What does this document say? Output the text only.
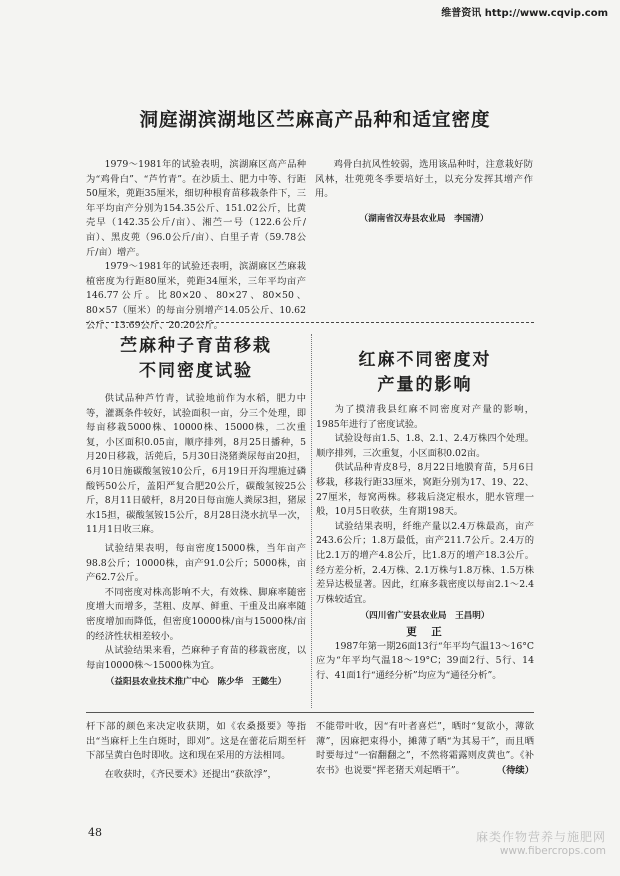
维普资讯 http://www.cqvip.com
洞庭湖滨湖地区苎麻高产品种和适宜密度

1979～1981年的试验表明，滨湖麻区高产品种为“鸡骨白”、“芦竹青”。在沙质土、肥力中等、行距50厘米，蔸距35厘米，细切种根育苗移栽条件下，三年平均亩产分别为154.35公斤、151.02公斤，比黄壳早（142.35公斤/亩）、湘苎一号（122.6公斤/亩）、黑皮蔸（96.0公斤/亩）、白里子青（59.78公斤/亩）增产。

1979～1981年的试验还表明，滨湖麻区苎麻栽植密度为行距80厘米，蔸距34厘米，三年平均亩产146.77公斤。比80×20、80×27、80×50、80×57（厘米）的每亩分别增产14.05公斤、10.62公斤、13.69公斤、20.20公斤。

鸡骨白抗风性较弱，选用该品种时，注意栽好防风林，壮蔸蔸冬季要培好土，以充分发挥其增产作用。

（湖南省汉寿县农业局　李国清）
苎麻种子育苗移栽
不同密度试验

供试品种芦竹青，试验地前作为水稻，肥力中等，灌溉条件较好，试验面积一亩，分三个处理，即每亩移栽5000株、10000株、15000株，二次重复，小区面积0.05亩，顺序排列，8月25日播种，5月20日移栽，活蔸后，5月30日浇猪粪尿每亩20担，6月10日施碳酸氢铵10公斤，6月19日开沟埋施过磷酸钙50公斤，盖阳严复合肥20公斤，碳酸氢铵25公斤，8月11日破杆，8月20日每亩施人粪尿3担，猪尿水15担，碳酸氢铵15公斤，8月28日浇水抗旱一次，11月1日收三麻。

试验结果表明，每亩密度15000株，当年亩产98.8公斤；10000株，亩产91.0公斤；5000株，亩产62.7公斤。

不同密度对株高影响不大，有效株、脚麻率随密度增大而增多，茎粗、皮厚、鲜重、干重及出麻率随密度增加而降低，但密度10000株/亩与15000株/亩的经济性状相差较小。

从试验结果来看，苎麻种子育苗的移栽密度，以每亩10000株～15000株为宜。

（益阳县农业技术推广中心　陈少华　王懿生）
红麻不同密度对
产量的影响

为了摸清我县红麻不同密度对产量的影响，1985年进行了密度试验。

试验设每亩1.5、1.8、2.1、2.4万株四个处理。顺序排列，三次重复，小区面积0.02亩。

供试品种青皮8号，8月22日地膜育苗，5月6日移栽，移栽行距33厘米，窝距分别为17、19、22、27厘米，每窝两株。移栽后浇定根水，肥水管理一般，10月5日收获，生育期198天。

试验结果表明，纤维产量以2.4万株最高，亩产243.6公斤；1.8万最低，亩产211.7公斤。2.4万的比2.1万的增产4.8公斤，比1.8万的增产18.3公斤。经方差分析，2.4万株、2.1万株与1.8万株、1.5万株差异达极显著。因此，红麻多栽密度以每亩2.1～2.4万株较适宜。

（四川省广安县农业局　王昌明）
更　正

1987年第一期26面13行“年平均气温13～16°C应为“年平均气温18～19°C；39面2行、5行、14行、41面1行“通经分析”均应为“通径分析”。

杆下部的颜色来决定收获期，如《农桑摄要》等指出“当麻杆上生白斑时，即刈”。这是在蕾花后期至杆下部呈黄白色时即收。这和现在采用的方法相同。

在收获时，《齐民要术》还提出“获欲浮”，

不能带叶收，因“有叶者喜烂”，晒时“复欲小，薄欲薄”，因麻把束得小，摊薄了晒“为其易干”，而且晒时要每过“一宿翻翻之”，不然将霜露则皮黄也”。《补农书》也说要“挥老猪天刈起晒干”。	（待续）
48	麻类作物营养与施肥网
www.fibercrops.com
